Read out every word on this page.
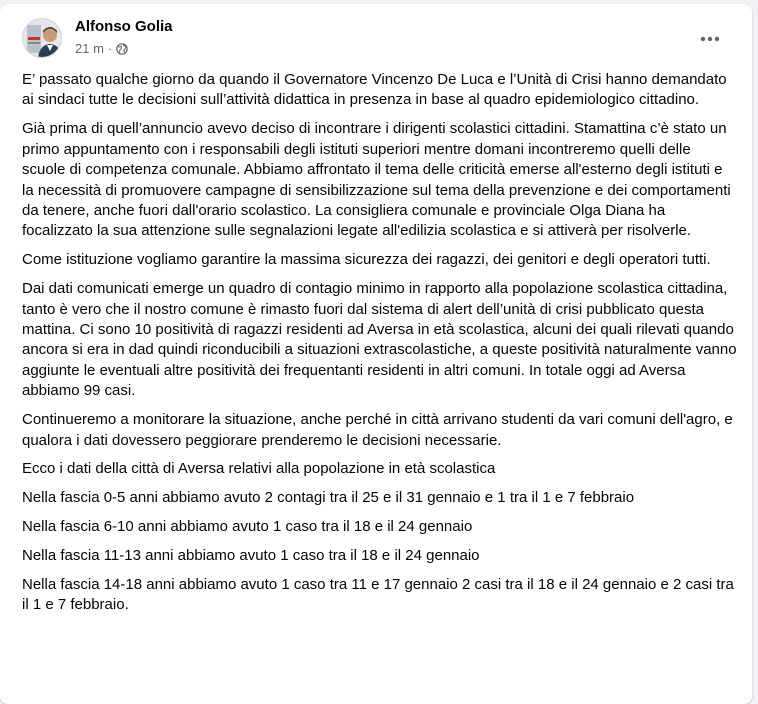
Alfonso Golia
21 m ·

E’ passato qualche giorno da quando il Governatore Vincenzo De Luca e l’Unità di Crisi hanno demandato ai sindaci tutte le decisioni sull’attività didattica in presenza in base al quadro epidemiologico cittadino.

Già prima di quell’annuncio avevo deciso di incontrare i dirigenti scolastici cittadini. Stamattina c’è stato un primo appuntamento con i responsabili degli istituti superiori mentre domani incontreremo quelli delle scuole di competenza comunale. Abbiamo affrontato il tema delle criticità emerse all'esterno degli istituti e la necessità di promuovere campagne di sensibilizzazione sul tema della prevenzione e dei comportamenti da tenere, anche fuori dall'orario scolastico. La consigliera comunale e provinciale Olga Diana ha focalizzato la sua attenzione sulle segnalazioni legate all'edilizia scolastica e si attiverà per risolverle.

Come istituzione vogliamo garantire la massima sicurezza dei ragazzi, dei genitori e degli operatori tutti.

Dai dati comunicati emerge un quadro di contagio minimo in rapporto alla popolazione scolastica cittadina, tanto è vero che il nostro comune è rimasto fuori dal sistema di alert dell’unità di crisi pubblicato questa mattina. Ci sono 10 positività di ragazzi residenti ad Aversa in età scolastica, alcuni dei quali rilevati quando ancora si era in dad quindi riconducibili a situazioni extrascolastiche, a queste positività naturalmente vanno aggiunte le eventuali altre positività dei frequentanti residenti in altri comuni. In totale oggi ad Aversa abbiamo 99 casi.

Continueremo a monitorare la situazione, anche perché in città arrivano studenti da vari comuni dell'agro, e qualora i dati dovessero peggiorare prenderemo le decisioni necessarie.

Ecco i dati della città di Aversa relativi alla popolazione in età scolastica

Nella fascia 0-5 anni abbiamo avuto 2 contagi tra il 25 e il 31 gennaio e 1 tra il 1 e 7 febbraio

Nella fascia 6-10 anni abbiamo avuto 1 caso tra il 18 e il 24 gennaio

Nella fascia 11-13 anni abbiamo avuto 1 caso tra il 18 e il 24 gennaio

Nella fascia 14-18 anni abbiamo avuto 1 caso tra 11 e 17 gennaio 2 casi tra il 18 e il 24 gennaio e 2 casi tra il 1 e 7 febbraio.
